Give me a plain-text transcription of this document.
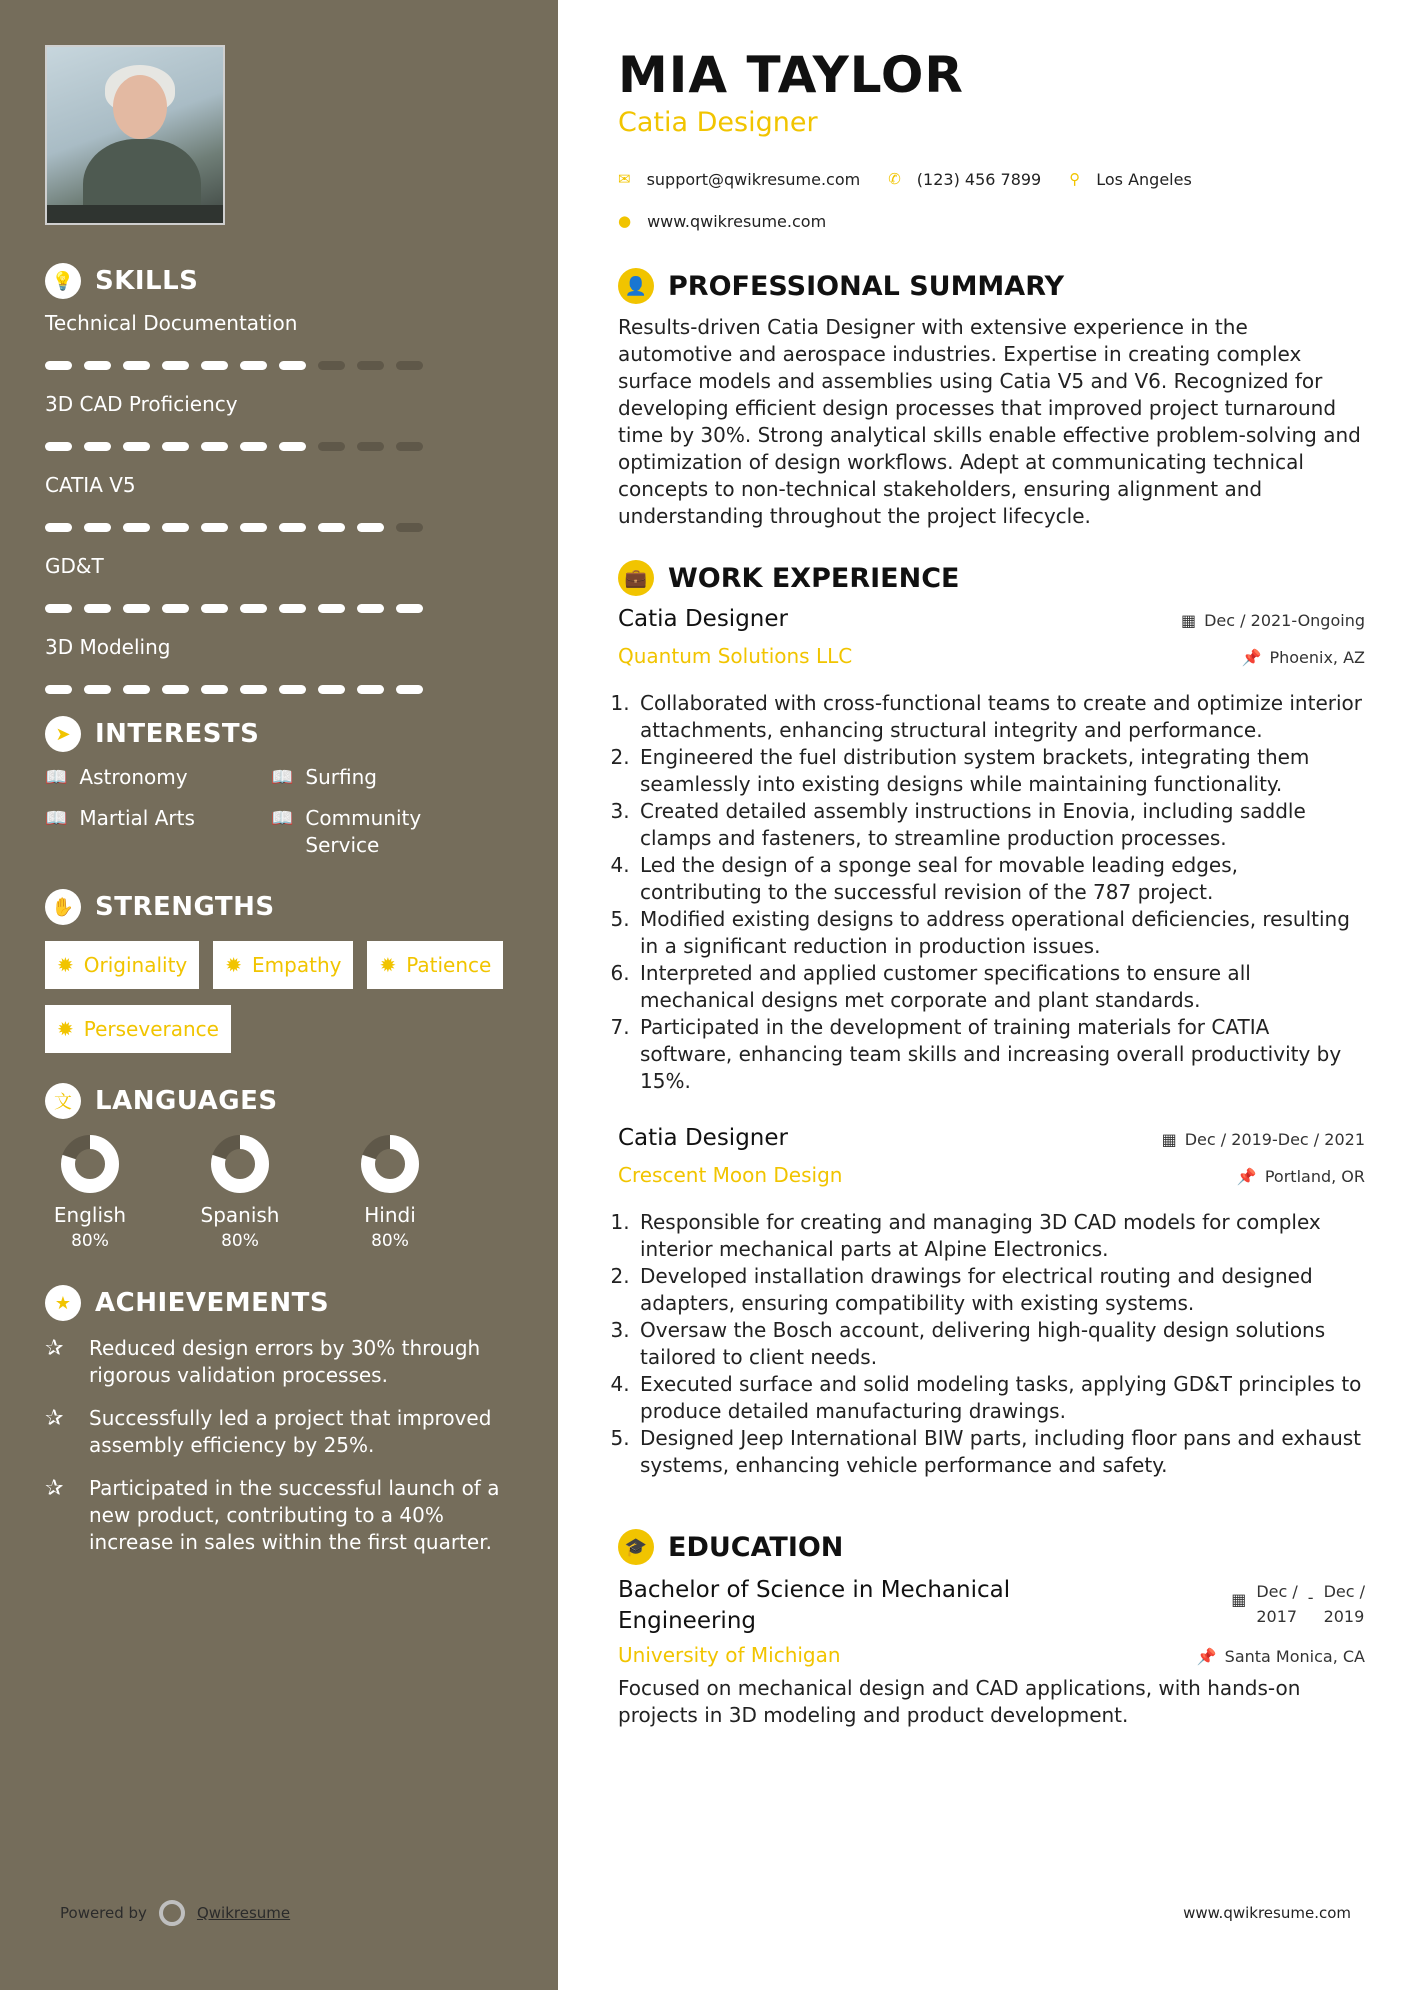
💡 SKILLS
Technical Documentation
3D CAD Proficiency
CATIA V5
GD&T
3D Modeling
➤ INTERESTS
📖 Astronomy	📖 Surfing
📖 Martial Arts	📖 Community Service
✋ STRENGTHS
✹ Originality ✹ Empathy ✹ Patience
✹ Perseverance
文 LANGUAGES
English
80%
Spanish
80%
Hindi
80%
★ ACHIEVEMENTS
✰	Reduced design errors by 30% through rigorous validation processes.
✰	Successfully led a project that improved assembly efficiency by 25%.
✰	Participated in the successful launch of a new product, contributing to a 40% increase in sales within the first quarter.
Powered by	Qwikresume
MIA TAYLOR
Catia Designer
✉ support@qwikresume.com ✆ (123) 456 7899 ⚲ Los Angeles
● www.qwikresume.com
👤 PROFESSIONAL SUMMARY
Results-driven Catia Designer with extensive experience in the automotive and aerospace industries. Expertise in creating complex surface models and assemblies using Catia V5 and V6. Recognized for developing efficient design processes that improved project turnaround time by 30%. Strong analytical skills enable effective problem-solving and optimization of design workflows. Adept at communicating technical concepts to non-technical stakeholders, ensuring alignment and understanding throughout the project lifecycle.
💼 WORK EXPERIENCE
Catia Designer	▦ Dec / 2021-Ongoing
Quantum Solutions LLC	📌 Phoenix, AZ
1. Collaborated with cross-functional teams to create and optimize interior attachments, enhancing structural integrity and performance.
2. Engineered the fuel distribution system brackets, integrating them seamlessly into existing designs while maintaining functionality.
3. Created detailed assembly instructions in Enovia, including saddle clamps and fasteners, to streamline production processes.
4. Led the design of a sponge seal for movable leading edges, contributing to the successful revision of the 787 project.
5. Modified existing designs to address operational deficiencies, resulting in a significant reduction in production issues.
6. Interpreted and applied customer specifications to ensure all mechanical designs met corporate and plant standards.
7. Participated in the development of training materials for CATIA software, enhancing team skills and increasing overall productivity by 15%.
Catia Designer	▦ Dec / 2019-Dec / 2021
Crescent Moon Design	📌 Portland, OR
1. Responsible for creating and managing 3D CAD models for complex interior mechanical parts at Alpine Electronics.
2. Developed installation drawings for electrical routing and designed adapters, ensuring compatibility with existing systems.
3. Oversaw the Bosch account, delivering high-quality design solutions tailored to client needs.
4. Executed surface and solid modeling tasks, applying GD&T principles to produce detailed manufacturing drawings.
5. Designed Jeep International BIW parts, including floor pans and exhaust systems, enhancing vehicle performance and safety.
🎓 EDUCATION
Bachelor of Science in Mechanical Engineering
▦ Dec /
2017
- Dec /
2019
University of Michigan	📌 Santa Monica, CA
Focused on mechanical design and CAD applications, with hands-on projects in 3D modeling and product development.
www.qwikresume.com
